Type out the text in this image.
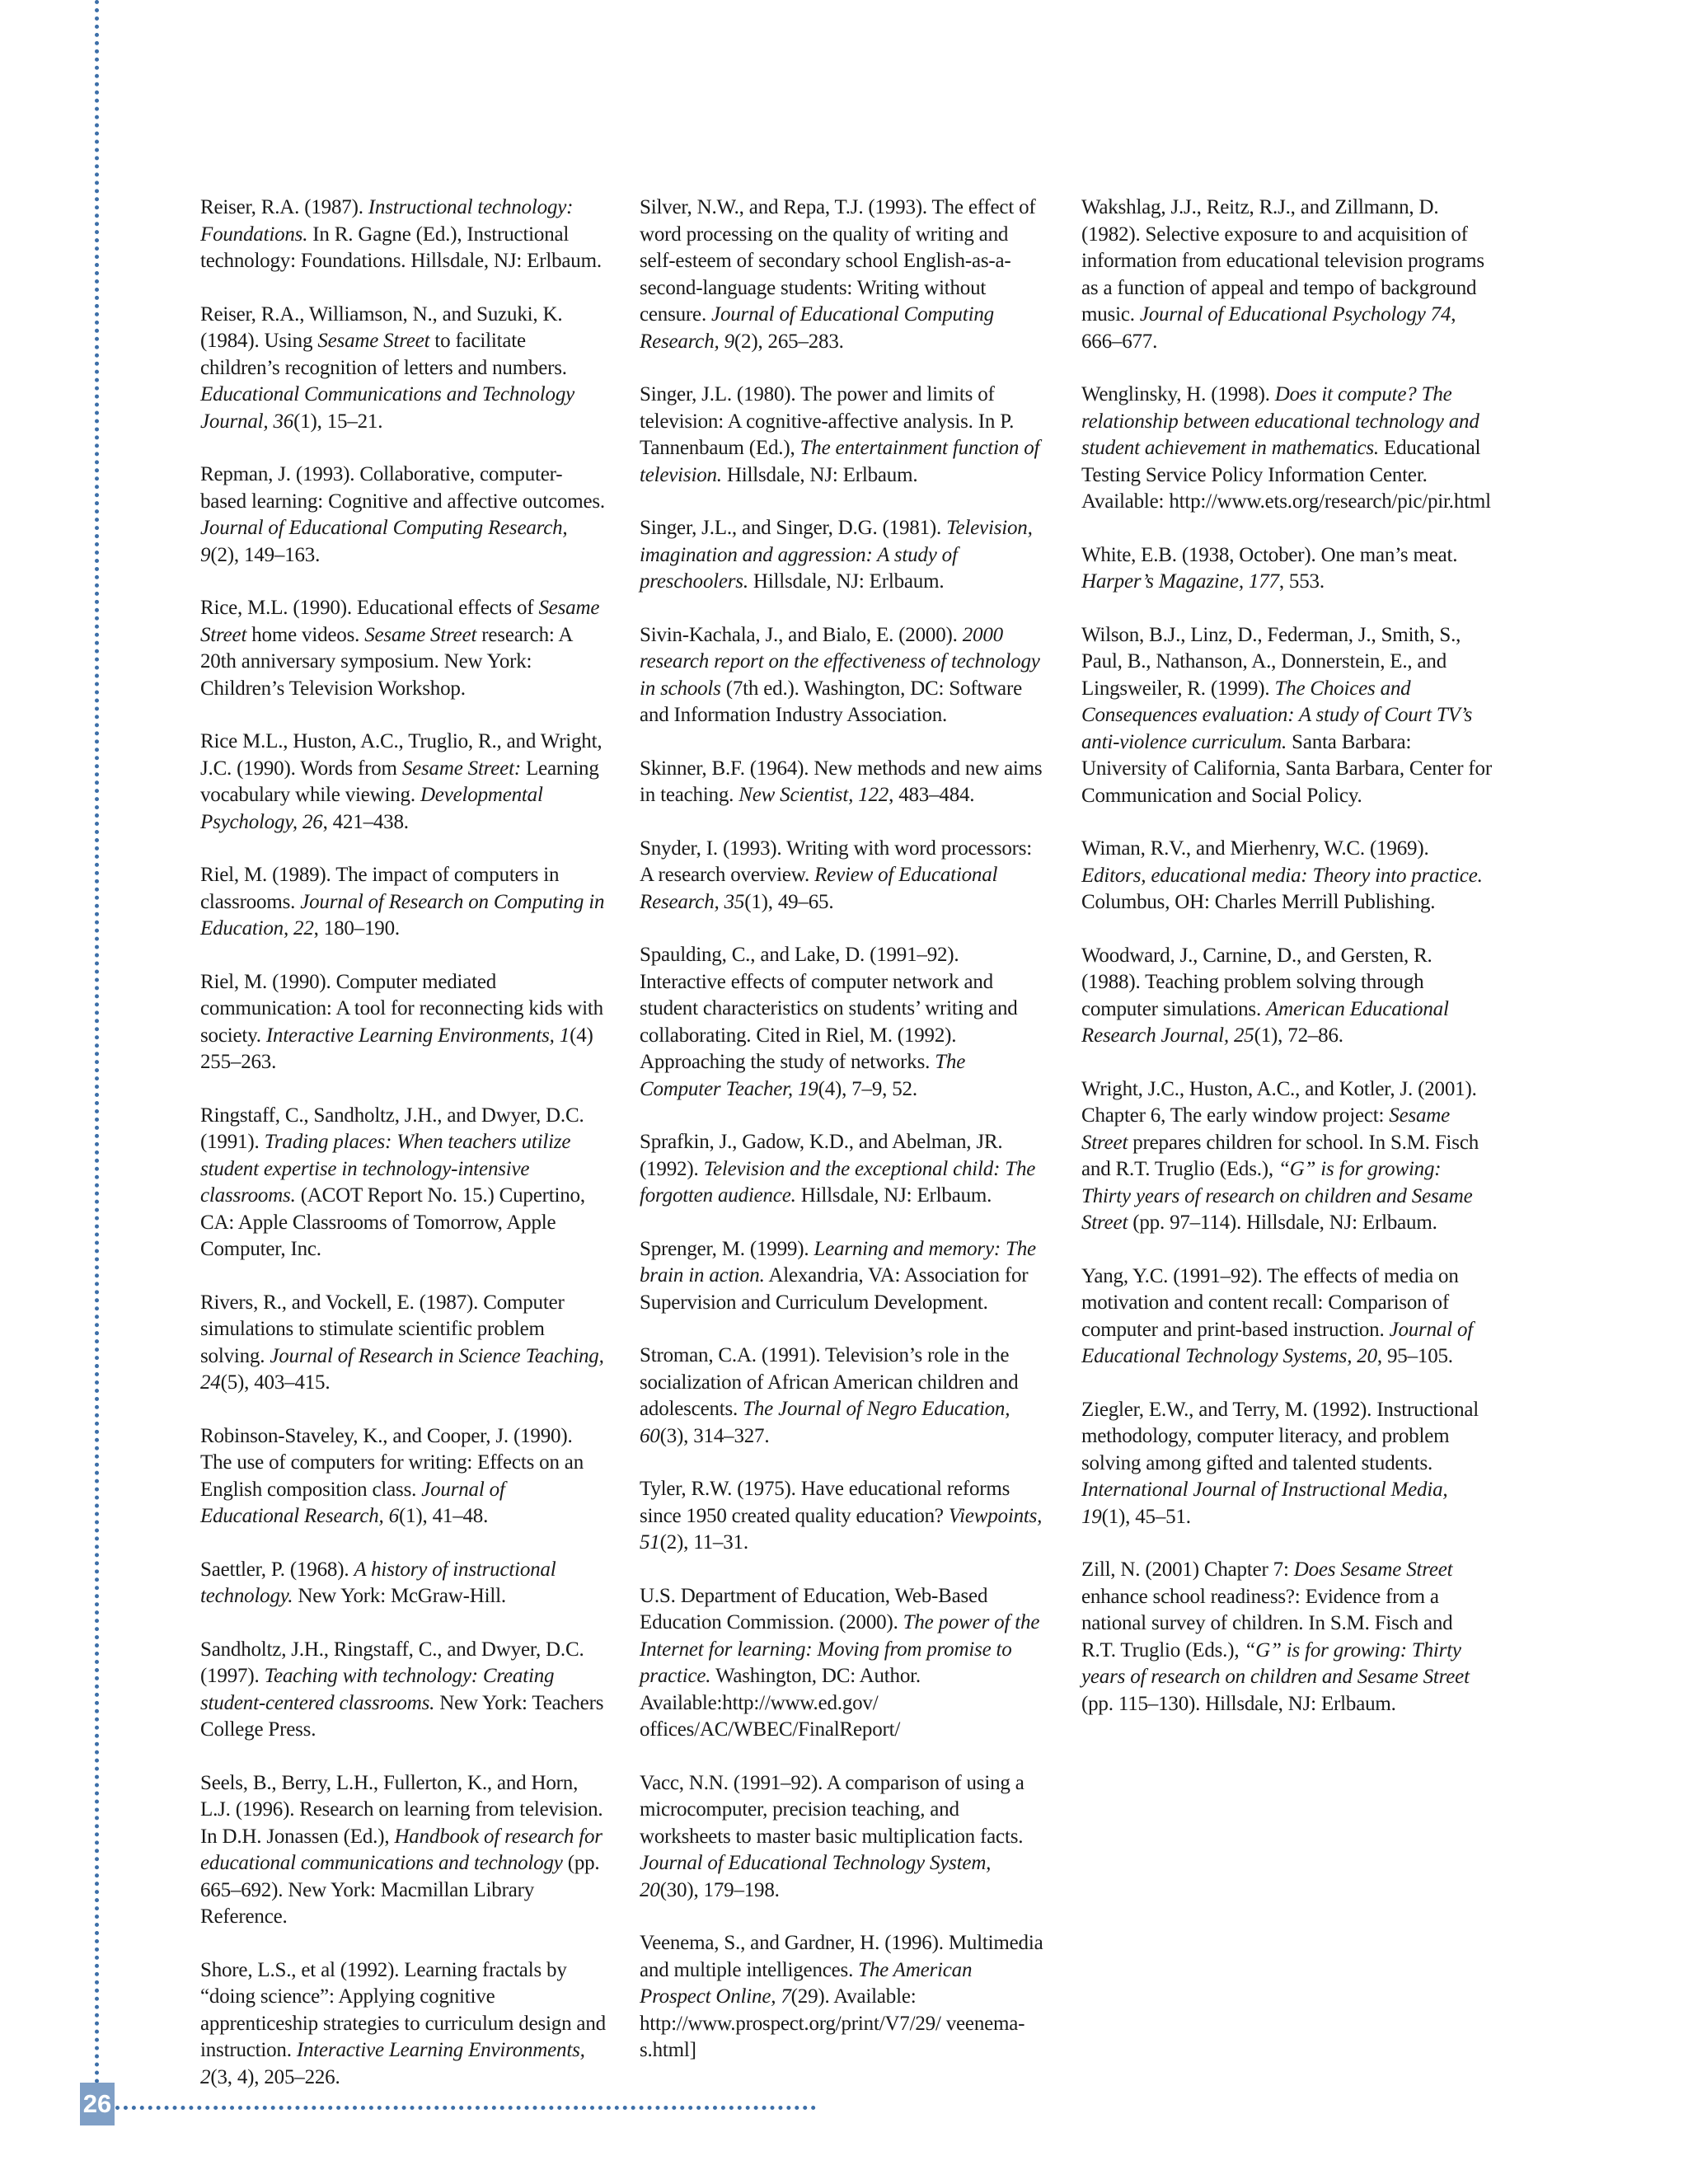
26

Reiser, R.A. (1987). Instructional technology: Foundations. In R. Gagne (Ed.), Instructional technology: Foundations. Hillsdale, NJ: Erlbaum.

Reiser, R.A., Williamson, N., and Suzuki, K. (1984). Using Sesame Street to facilitate children’s recognition of letters and numbers. Educational Communications and Technology Journal, 36(1), 15–21.

Repman, J. (1993). Collaborative, computer-based learning: Cognitive and affective outcomes. Journal of Educational Computing Research, 9(2), 149–163.

Rice, M.L. (1990). Educational effects of Sesame Street home videos. Sesame Street research: A 20th anniversary symposium. New York: Children’s Television Workshop.

Rice M.L., Huston, A.C., Truglio, R., and Wright, J.C. (1990). Words from Sesame Street: Learning vocabulary while viewing. Developmental Psychology, 26, 421–438.

Riel, M. (1989). The impact of computers in classrooms. Journal of Research on Computing in Education, 22, 180–190.

Riel, M. (1990). Computer mediated communication: A tool for reconnecting kids with society. Interactive Learning Environments, 1(4) 255–263.

Ringstaff, C., Sandholtz, J.H., and Dwyer, D.C. (1991). Trading places: When teachers utilize student expertise in technology-intensive classrooms. (ACOT Report No. 15.) Cupertino, CA: Apple Classrooms of Tomorrow, Apple Computer, Inc.

Rivers, R., and Vockell, E. (1987). Computer simulations to stimulate scientific problem solving. Journal of Research in Science Teaching, 24(5), 403–415.

Robinson-Staveley, K., and Cooper, J. (1990). The use of computers for writing: Effects on an English composition class. Journal of Educational Research, 6(1), 41–48.

Saettler, P. (1968). A history of instructional technology. New York: McGraw-Hill.

Sandholtz, J.H., Ringstaff, C., and Dwyer, D.C. (1997). Teaching with technology: Creating student-centered classrooms. New York: Teachers College Press.

Seels, B., Berry, L.H., Fullerton, K., and Horn, L.J. (1996). Research on learning from television. In D.H. Jonassen (Ed.), Handbook of research for educational communications and technology (pp. 665–692). New York: Macmillan Library Reference.

Shore, L.S., et al (1992). Learning fractals by “doing science”: Applying cognitive apprenticeship strategies to curriculum design and instruction. Interactive Learning Environments, 2(3, 4), 205–226.

Silver, N.W., and Repa, T.J. (1993). The effect of word processing on the quality of writing and self-esteem of secondary school English-as-a-second-language students: Writing without censure. Journal of Educational Computing Research, 9(2), 265–283.

Singer, J.L. (1980). The power and limits of television: A cognitive-affective analysis. In P. Tannenbaum (Ed.), The entertainment function of television. Hillsdale, NJ: Erlbaum.

Singer, J.L., and Singer, D.G. (1981). Television, imagination and aggression: A study of preschoolers. Hillsdale, NJ: Erlbaum.

Sivin-Kachala, J., and Bialo, E. (2000). 2000 research report on the effectiveness of technology in schools (7th ed.). Washington, DC: Software and Information Industry Association.

Skinner, B.F. (1964). New methods and new aims in teaching. New Scientist, 122, 483–484.

Snyder, I. (1993). Writing with word processors: A research overview. Review of Educational Research, 35(1), 49–65.

Spaulding, C., and Lake, D. (1991–92). Interactive effects of computer network and student characteristics on students’ writing and collaborating. Cited in Riel, M. (1992). Approaching the study of networks. The Computer Teacher, 19(4), 7–9, 52.

Sprafkin, J., Gadow, K.D., and Abelman, JR. (1992). Television and the exceptional child: The forgotten audience. Hillsdale, NJ: Erlbaum.

Sprenger, M. (1999). Learning and memory: The brain in action. Alexandria, VA: Association for Supervision and Curriculum Development.

Stroman, C.A. (1991). Television’s role in the socialization of African American children and adolescents. The Journal of Negro Education, 60(3), 314–327.

Tyler, R.W. (1975). Have educational reforms since 1950 created quality education? Viewpoints, 51(2), 11–31.

U.S. Department of Education, Web-Based Education Commission. (2000). The power of the Internet for learning: Moving from promise to practice. Washington, DC: Author. Available:http://www.ed.gov/ offices/AC/WBEC/FinalReport/

Vacc, N.N. (1991–92). A comparison of using a microcomputer, precision teaching, and worksheets to master basic multiplication facts. Journal of Educational Technology System, 20(30), 179–198.

Veenema, S., and Gardner, H. (1996). Multimedia and multiple intelligences. The American Prospect Online, 7(29). Available: http://www.prospect.org/print/V7/29/ veenema-s.html]

Wakshlag, J.J., Reitz, R.J., and Zillmann, D. (1982). Selective exposure to and acquisition of information from educational television programs as a function of appeal and tempo of background music. Journal of Educational Psychology 74, 666–677.

Wenglinsky, H. (1998). Does it compute? The relationship between educational technology and student achievement in mathematics. Educational Testing Service Policy Information Center. Available: http://www.ets.org/research/pic/pir.html

White, E.B. (1938, October). One man’s meat. Harper’s Magazine, 177, 553.

Wilson, B.J., Linz, D., Federman, J., Smith, S., Paul, B., Nathanson, A., Donnerstein, E., and Lingsweiler, R. (1999). The Choices and Consequences evaluation: A study of Court TV’s anti-violence curriculum. Santa Barbara: University of California, Santa Barbara, Center for Communication and Social Policy.

Wiman, R.V., and Mierhenry, W.C. (1969). Editors, educational media: Theory into practice. Columbus, OH: Charles Merrill Publishing.

Woodward, J., Carnine, D., and Gersten, R. (1988). Teaching problem solving through computer simulations. American Educational Research Journal, 25(1), 72–86.

Wright, J.C., Huston, A.C., and Kotler, J. (2001). Chapter 6, The early window project: Sesame Street prepares children for school. In S.M. Fisch and R.T. Truglio (Eds.), “G” is for growing: Thirty years of research on children and Sesame Street (pp. 97–114). Hillsdale, NJ: Erlbaum.

Yang, Y.C. (1991–92). The effects of media on motivation and content recall: Comparison of computer and print-based instruction. Journal of Educational Technology Systems, 20, 95–105.

Ziegler, E.W., and Terry, M. (1992). Instructional methodology, computer literacy, and problem solving among gifted and talented students. International Journal of Instructional Media, 19(1), 45–51.

Zill, N. (2001) Chapter 7: Does Sesame Street enhance school readiness?: Evidence from a national survey of children. In S.M. Fisch and R.T. Truglio (Eds.), “G” is for growing: Thirty years of research on children and Sesame Street (pp. 115–130). Hillsdale, NJ: Erlbaum.
